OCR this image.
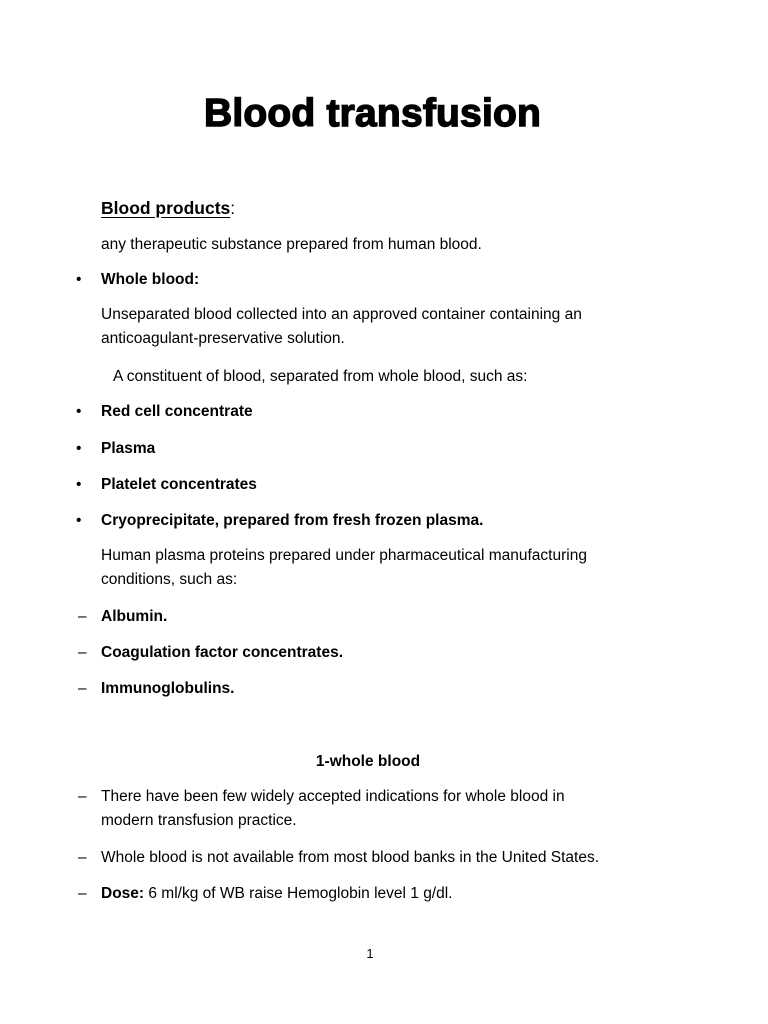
Blood transfusion
Blood products:
any therapeutic substance prepared from human blood.
• Whole blood:
Unseparated blood collected into an approved container containing an
anticoagulant-preservative solution.
A constituent of blood, separated from whole blood, such as:
• Red cell concentrate
• Plasma
• Platelet concentrates
• Cryoprecipitate, prepared from fresh frozen plasma.
Human plasma proteins prepared under pharmaceutical manufacturing
conditions, such as:
– Albumin.
– Coagulation factor concentrates.
– Immunoglobulins.
1-whole blood
– There have been few widely accepted indications for whole blood in
modern transfusion practice.
– Whole blood is not available from most blood banks in the United States.
– Dose: 6 ml/kg of WB raise Hemoglobin level 1 g/dl.
1
